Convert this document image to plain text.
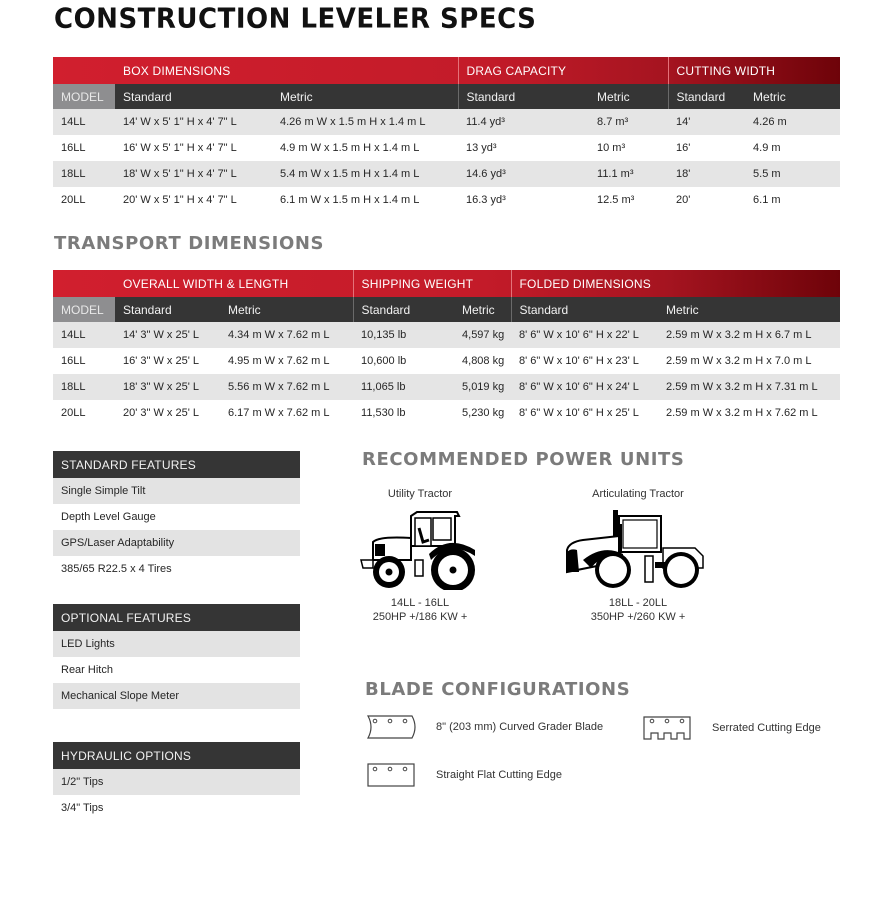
CONSTRUCTION LEVELER SPECS
	BOX DIMENSIONS		DRAG CAPACITY		CUTTING WIDTH	
MODEL	Standard	Metric	Standard	Metric	Standard	Metric
14LL	14' W x 5' 1" H x 4' 7" L	4.26 m W x 1.5 m H x 1.4 m L	11.4 yd³	8.7 m³	14'	4.26 m
16LL	16' W x 5' 1" H x 4' 7" L	4.9 m W x 1.5 m H x 1.4 m L	13 yd³	10 m³	16'	4.9 m
18LL	18' W x 5' 1" H x 4' 7" L	5.4 m W x 1.5 m H x 1.4 m L	14.6 yd³	11.1 m³	18'	5.5 m
20LL	20' W x 5' 1" H x 4' 7" L	6.1 m W x 1.5 m H x 1.4 m L	16.3 yd³	12.5 m³	20'	6.1 m
TRANSPORT DIMENSIONS
	OVERALL WIDTH & LENGTH		SHIPPING WEIGHT		FOLDED DIMENSIONS	
MODEL	Standard	Metric	Standard	Metric	Standard	Metric
14LL	14' 3" W x 25' L	4.34 m W x 7.62 m L	10,135 lb	4,597 kg	8' 6" W x 10' 6" H x 22' L	2.59 m W x 3.2 m H x 6.7 m L
16LL	16' 3" W x 25' L	4.95 m W x 7.62 m L	10,600 lb	4,808 kg	8' 6" W x 10' 6" H x 23' L	2.59 m W x 3.2 m H x 7.0 m L
18LL	18' 3" W x 25' L	5.56 m W x 7.62 m L	11,065 lb	5,019 kg	8' 6" W x 10' 6" H x 24' L	2.59 m W x 3.2 m H x 7.31 m L
20LL	20' 3" W x 25' L	6.17 m W x 7.62 m L	11,530 lb	5,230 kg	8' 6" W x 10' 6" H x 25' L	2.59 m W x 3.2 m H x 7.62 m L
STANDARD FEATURES
Single Simple Tilt
Depth Level Gauge
GPS/Laser Adaptability
385/65 R22.5 x 4 Tires
OPTIONAL FEATURES
LED Lights
Rear Hitch
Mechanical Slope Meter
HYDRAULIC OPTIONS
1/2" Tips
3/4" Tips
RECOMMENDED POWER UNITS
Utility Tractor
14LL - 16LL
250HP +/186 KW +
Articulating Tractor
18LL - 20LL
350HP +/260 KW +
BLADE CONFIGURATIONS
8" (203 mm) Curved Grader Blade	Serrated Cutting Edge
Straight Flat Cutting Edge
